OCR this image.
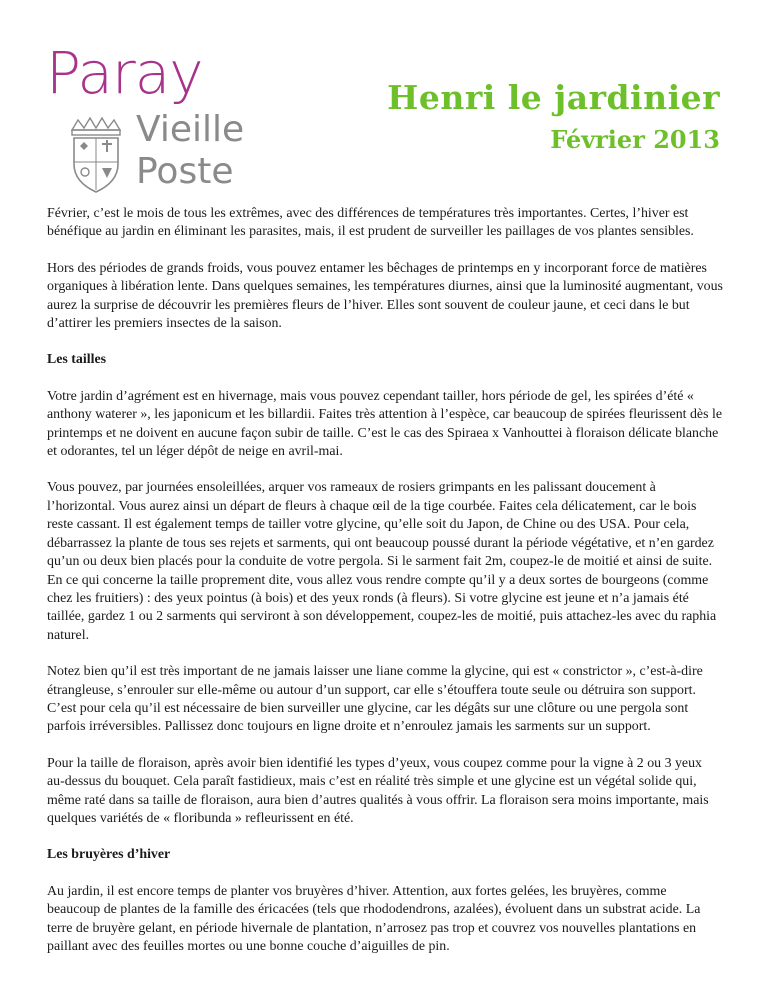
Paray
Vieille
Poste
Henri le jardinier
Février 2013

Février, c’est le mois de tous les extrêmes, avec des différences de températures très importantes. Certes, l’hiver est bénéfique au jardin en éliminant les parasites, mais, il est prudent de surveiller les paillages de vos plantes sensibles.

Hors des périodes de grands froids, vous pouvez entamer les bêchages de printemps en y incorporant force de matières organiques à libération lente. Dans quelques semaines, les températures diurnes, ainsi que la luminosité augmentant, vous aurez la surprise de découvrir les premières fleurs de l’hiver. Elles sont souvent de couleur jaune, et ceci dans le but d’attirer les premiers insectes de la saison.

Les tailles

Votre jardin d’agrément est en hivernage, mais vous pouvez cependant tailler, hors période de gel, les spirées d’été « anthony waterer », les japonicum et les billardii. Faites très attention à l’espèce, car beaucoup de spirées fleurissent dès le printemps et ne doivent en aucune façon subir de taille. C’est le cas des Spiraea x Vanhouttei à floraison délicate blanche et odorantes, tel un léger dépôt de neige en avril-mai.

Vous pouvez, par journées ensoleillées, arquer vos rameaux de rosiers grimpants en les palissant doucement à l’horizontal. Vous aurez ainsi un départ de fleurs à chaque œil de la tige courbée. Faites cela délicatement, car le bois reste cassant. Il est également temps de tailler votre glycine, qu’elle soit du Japon, de Chine ou des USA. Pour cela, débarrassez la plante de tous ses rejets et sarments, qui ont beaucoup poussé durant la période végétative, et n’en gardez qu’un ou deux bien placés pour la conduite de votre pergola. Si le sarment fait 2m, coupez-le de moitié et ainsi de suite. En ce qui concerne la taille proprement dite, vous allez vous rendre compte qu’il y a deux sortes de bourgeons (comme chez les fruitiers) : des yeux pointus (à bois) et des yeux ronds (à fleurs). Si votre glycine est jeune et n’a jamais été taillée, gardez 1 ou 2 sarments qui serviront à son développement, coupez-les de moitié, puis attachez-les avec du raphia naturel.

Notez bien qu’il est très important de ne jamais laisser une liane comme la glycine, qui est « constrictor », c’est-à-dire étrangleuse, s’enrouler sur elle-même ou autour d’un support, car elle s’étouffera toute seule ou détruira son support. C’est pour cela qu’il est nécessaire de bien surveiller une glycine, car les dégâts sur une clôture ou une pergola sont parfois irréversibles. Pallissez donc toujours en ligne droite et n’enroulez jamais les sarments sur un support.

Pour la taille de floraison, après avoir bien identifié les types d’yeux, vous coupez comme pour la vigne à 2 ou 3 yeux au-dessus du bouquet. Cela paraît fastidieux, mais c’est en réalité très simple et une glycine est un végétal solide qui, même raté dans sa taille de floraison, aura bien d’autres qualités à vous offrir. La floraison sera moins importante, mais quelques variétés de « floribunda » refleurissent en été.

Les bruyères d’hiver

Au jardin, il est encore temps de planter vos bruyères d’hiver. Attention, aux fortes gelées, les bruyères, comme beaucoup de plantes de la famille des éricacées (tels que rhododendrons, azalées), évoluent dans un substrat acide. La terre de bruyère gelant, en période hivernale de plantation, n’arrosez pas trop et couvrez vos nouvelles plantations en paillant avec des feuilles mortes ou une bonne couche d’aiguilles de pin.
